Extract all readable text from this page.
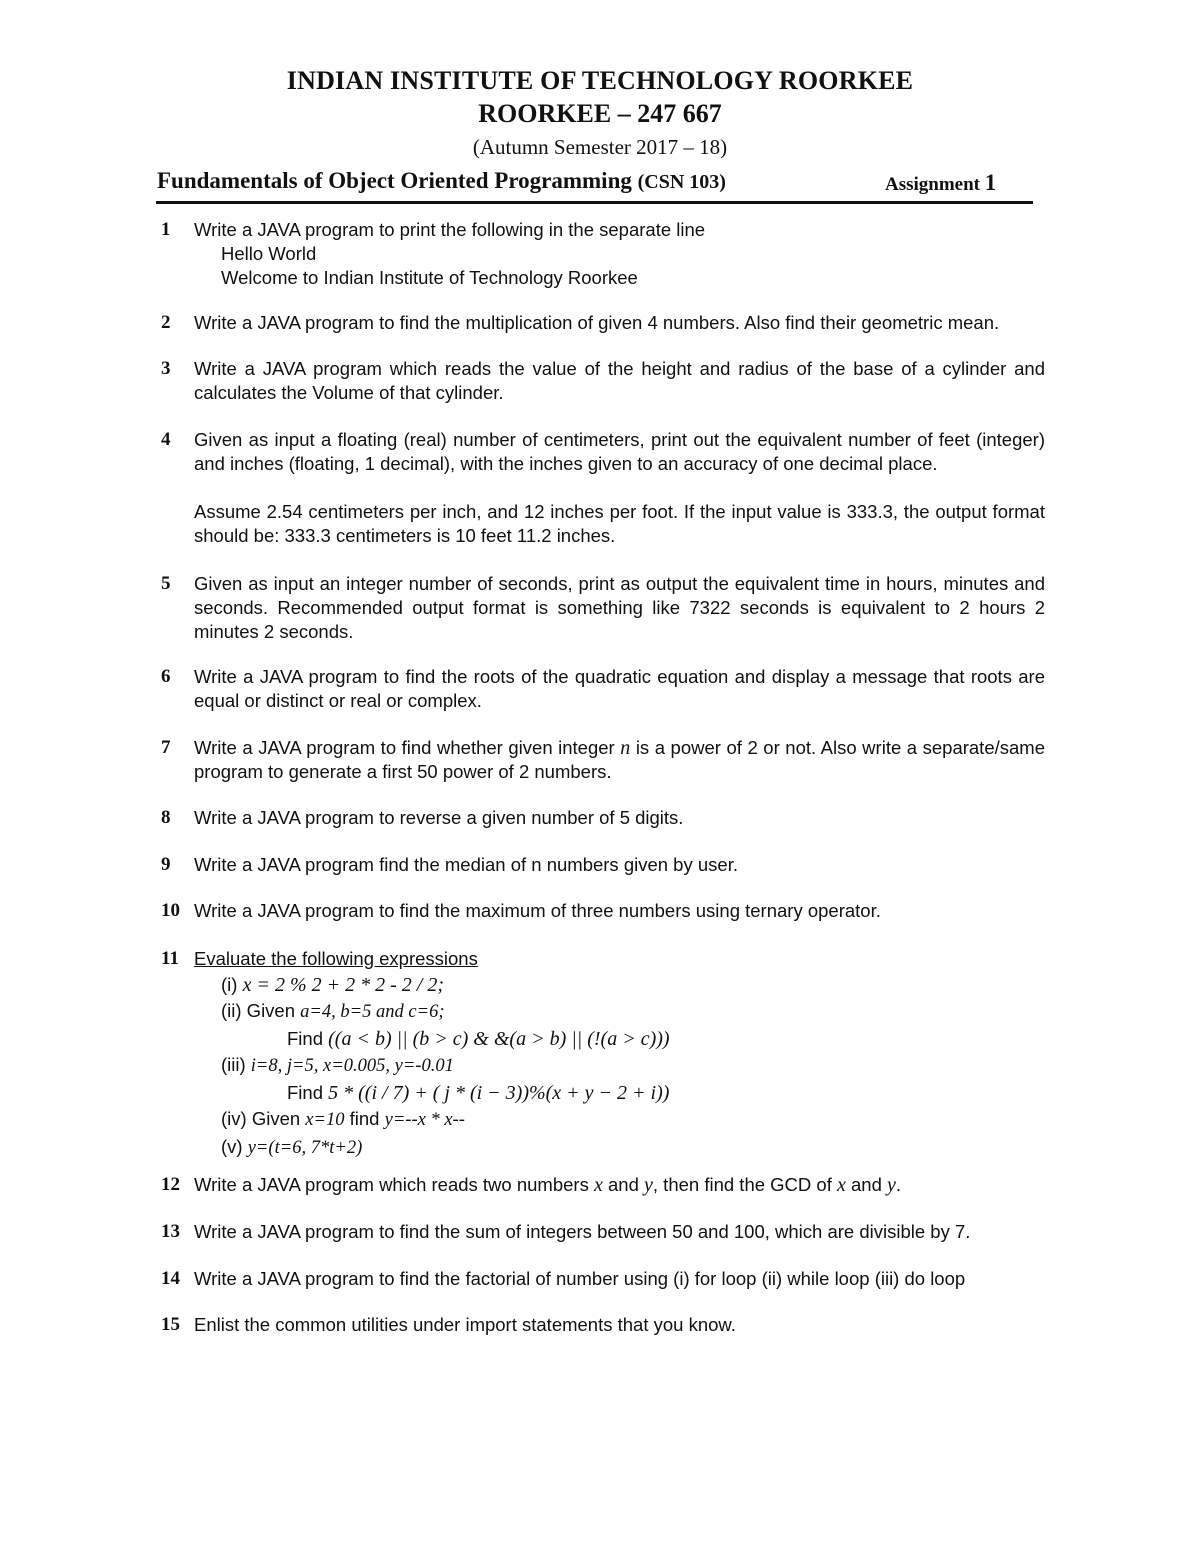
INDIAN INSTITUTE OF TECHNOLOGY ROORKEE
ROORKEE – 247 667
(Autumn Semester 2017 – 18)
Fundamentals of Object Oriented Programming (CSN 103)	Assignment 1
1 Write a JAVA program to print the following in the separate line
Hello World
Welcome to Indian Institute of Technology Roorkee
2 Write a JAVA program to find the multiplication of given 4 numbers. Also find their geometric mean.
3 Write a JAVA program which reads the value of the height and radius of the base of a cylinder and calculates the Volume of that cylinder.
4 Given as input a floating (real) number of centimeters, print out the equivalent number of feet (integer) and inches (floating, 1 decimal), with the inches given to an accuracy of one decimal place.
Assume 2.54 centimeters per inch, and 12 inches per foot. If the input value is 333.3, the output format should be: 333.3 centimeters is 10 feet 11.2 inches.
5 Given as input an integer number of seconds, print as output the equivalent time in hours, minutes and seconds. Recommended output format is something like 7322 seconds is equivalent to 2 hours 2 minutes 2 seconds.
6 Write a JAVA program to find the roots of the quadratic equation and display a message that roots are equal or distinct or real or complex.
7 Write a JAVA program to find whether given integer n is a power of 2 or not. Also write a separate/same program to generate a first 50 power of 2 numbers.
8 Write a JAVA program to reverse a given number of 5 digits.
9 Write a JAVA program find the median of n numbers given by user.
10 Write a JAVA program to find the maximum of three numbers using ternary operator.
11 Evaluate the following expressions
(i) x = 2 % 2 + 2 * 2 - 2 / 2;
(ii) Given a=4, b=5 and c=6;
Find ((a < b) || (b > c) & &(a > b) || (!(a > c)))
(iii) i=8, j=5, x=0.005, y=-0.01
Find 5 * ((i / 7) + ( j * (i − 3))%(x + y − 2 + i))
(iv) Given x=10 find y=--x * x--
(v) y=(t=6, 7*t+2)
12 Write a JAVA program which reads two numbers x and y, then find the GCD of x and y.
13 Write a JAVA program to find the sum of integers between 50 and 100, which are divisible by 7.
14 Write a JAVA program to find the factorial of number using (i) for loop (ii) while loop (iii) do loop
15 Enlist the common utilities under import statements that you know.
